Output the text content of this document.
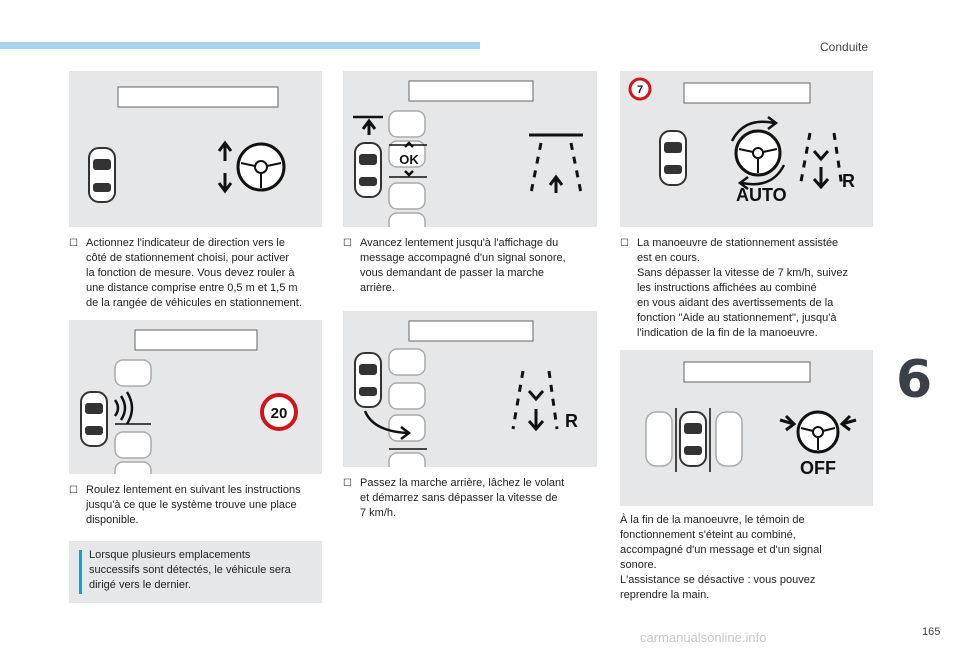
Conduite
6
165
carmanualsonline.info
☐ Actionnez l'indicateur de direction vers le
côté de stationnement choisi, pour activer
la fonction de mesure. Vous devez rouler à
une distance comprise entre 0,5 m et 1,5 m
de la rangée de véhicules en stationnement.
20
☐ Roulez lentement en suivant les instructions
jusqu'à ce que le système trouve une place
disponible.
Lorsque plusieurs emplacements
successifs sont détectés, le véhicule sera
dirigé vers le dernier.
OK
☐ Avancez lentement jusqu'à l'affichage du
message accompagné d'un signal sonore,
vous demandant de passer la marche
arrière.
R
☐ Passez la marche arrière, lâchez le volant
et démarrez sans dépasser la vitesse de
7 km/h.
7
AUTO
R
☐ La manoeuvre de stationnement assistée
est en cours.
Sans dépasser la vitesse de 7 km/h, suivez
les instructions affichées au combiné
en vous aidant des avertissements de la
fonction "Aide au stationnement", jusqu'à
l'indication de la fin de la manoeuvre.
OFF
À la fin de la manoeuvre, le témoin de
fonctionnement s'éteint au combiné,
accompagné d'un message et d'un signal
sonore.
L'assistance se désactive : vous pouvez
reprendre la main.
